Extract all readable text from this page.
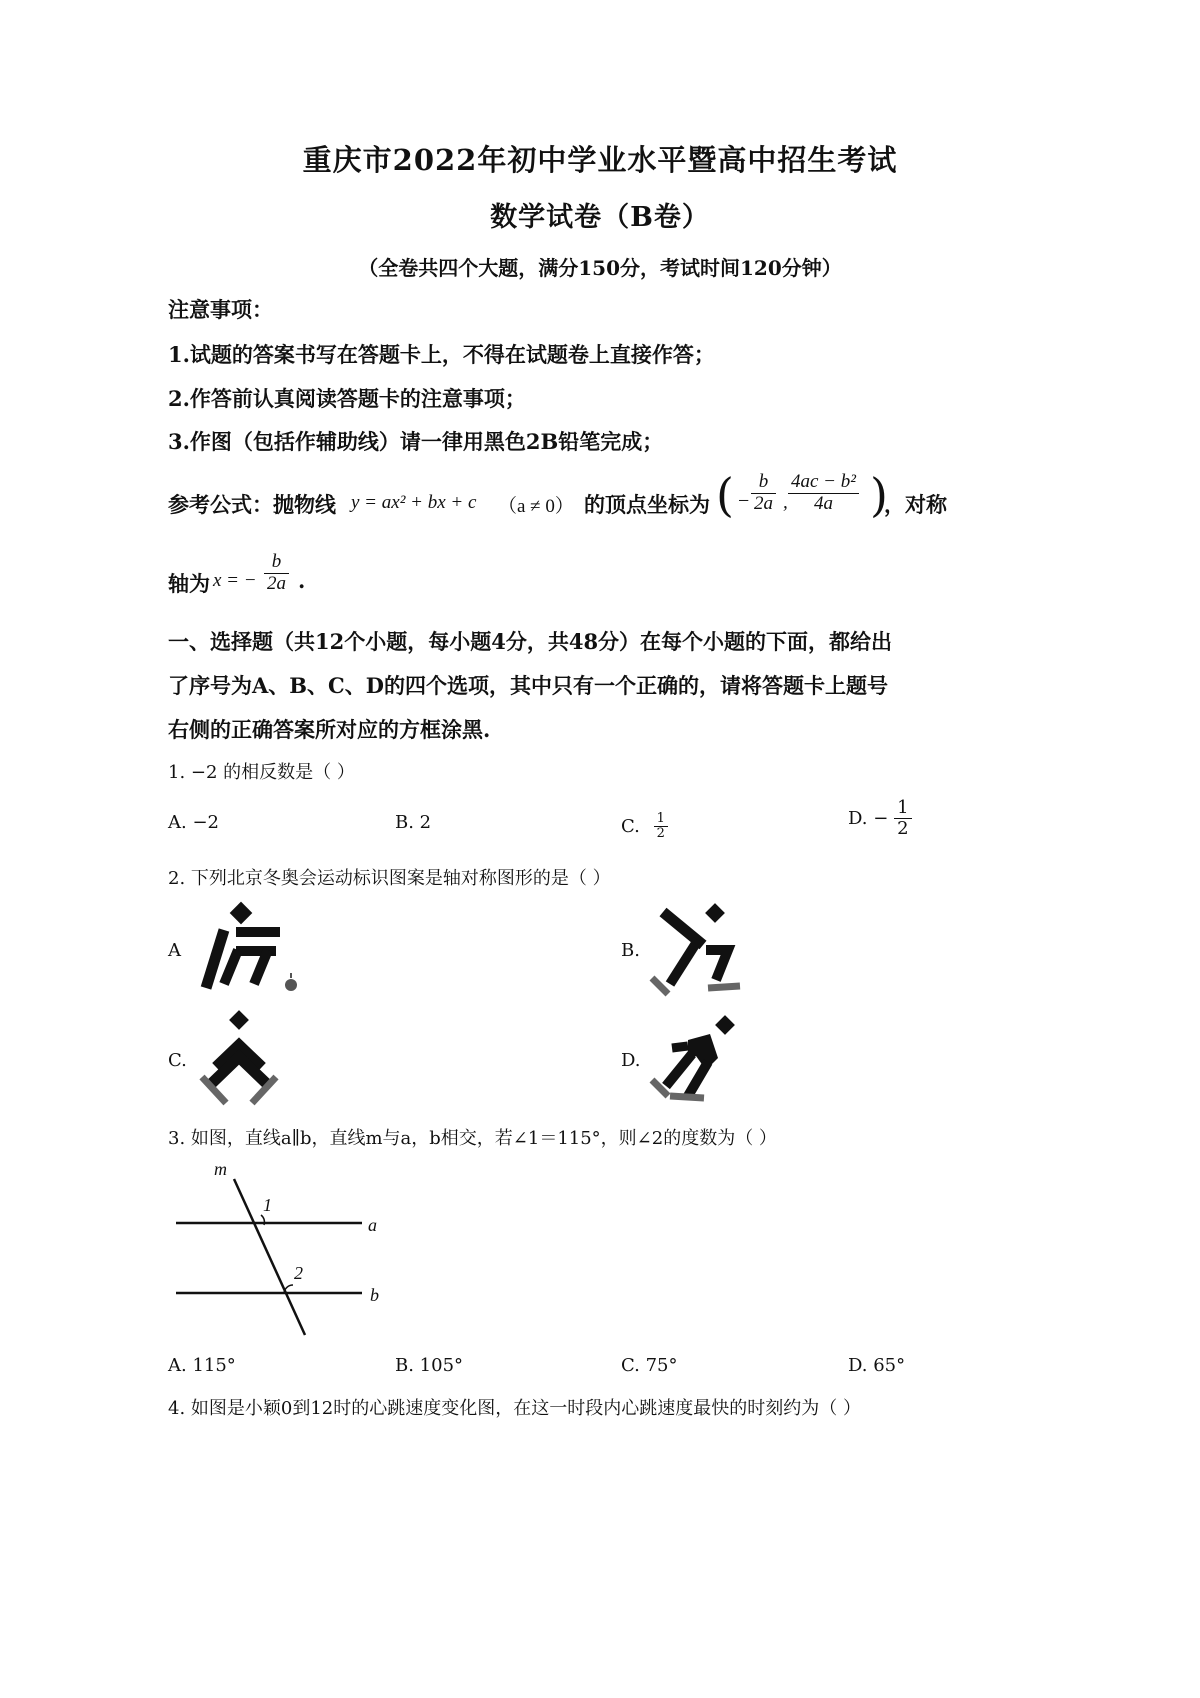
重庆市2022年初中学业水平暨高中招生考试
数学试卷（B卷）
（全卷共四个大题，满分150分，考试时间120分钟）
注意事项：
1.试题的答案书写在答题卡上，不得在试题卷上直接作答；
2.作答前认真阅读答题卡的注意事项；
3.作图（包括作辅助线）请一律用黑色2B铅笔完成；
参考公式：抛物线 y = ax² + bx + c （a ≠ 0） 的顶点坐标为 ( − $\frac{b}{2a}$ , $\frac{\text{4ac − b²}}{4a}$ )
，对称
轴为 x = − $\frac{b}{2a}$ .
一、选择题（共12个小题，每小题4分，共48分）在每个小题的下面，都给出
了序号为A、B、C、D的四个选项，其中只有一个正确的，请将答题卡上题号
右侧的正确答案所对应的方框涂黑.
1. −2 的相反数是（ ）
A. −2	B. 2	C. $\frac{1}{2}$	D. − $\frac{1}{2}$
2. 下列北京冬奥会运动标识图案是轴对称图形的是（ ）
A	B.
C.	D.
3. 如图，直线a∥b，直线m与a，b相交，若∠1＝115°，则∠2的度数为（ ）
m
1
a
2
b
A. 115°	B. 105°	C. 75°	D. 65°
4. 如图是小颖0到12时的心跳速度变化图，在这一时段内心跳速度最快的时刻约为（ ）
